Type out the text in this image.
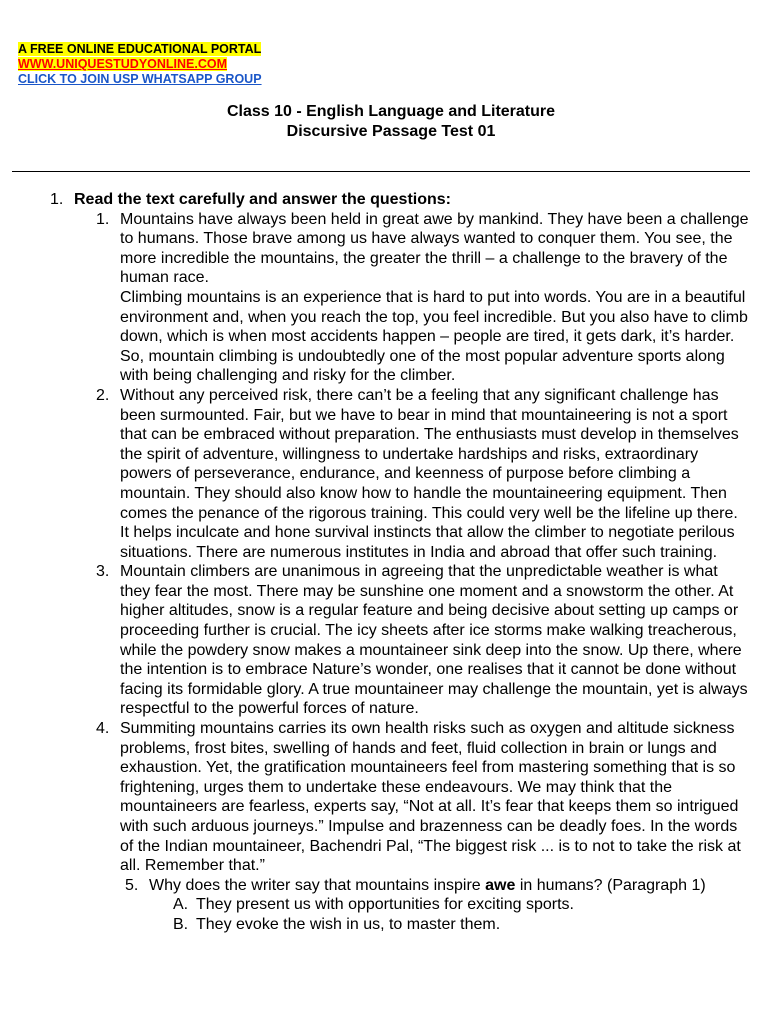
A FREE ONLINE EDUCATIONAL PORTAL
WWW.UNIQUESTUDYONLINE.COM
CLICK TO JOIN USP WHATSAPP GROUP
Class 10 - English Language and Literature
Discursive Passage Test 01
1. Read the text carefully and answer the questions:
1. Mountains have always been held in great awe by mankind. They have been a challenge to humans. Those brave among us have always wanted to conquer them. You see, the more incredible the mountains, the greater the thrill – a challenge to the bravery of the human race.

Climbing mountains is an experience that is hard to put into words. You are in a beautiful environment and, when you reach the top, you feel incredible. But you also have to climb down, which is when most accidents happen – people are tired, it gets dark, it’s harder. So, mountain climbing is undoubtedly one of the most popular adventure sports along with being challenging and risky for the climber.

2. Without any perceived risk, there can’t be a feeling that any significant challenge has been surmounted. Fair, but we have to bear in mind that mountaineering is not a sport that can be embraced without preparation. The enthusiasts must develop in themselves the spirit of adventure, willingness to undertake hardships and risks, extraordinary powers of perseverance, endurance, and keenness of purpose before climbing a mountain. They should also know how to handle the mountaineering equipment. Then comes the penance of the rigorous training. This could very well be the lifeline up there. It helps inculcate and hone survival instincts that allow the climber to negotiate perilous situations. There are numerous institutes in India and abroad that offer such training.

3. Mountain climbers are unanimous in agreeing that the unpredictable weather is what they fear the most. There may be sunshine one moment and a snowstorm the other. At higher altitudes, snow is a regular feature and being decisive about setting up camps or proceeding further is crucial. The icy sheets after ice storms make walking treacherous, while the powdery snow makes a mountaineer sink deep into the snow. Up there, where the intention is to embrace Nature’s wonder, one realises that it cannot be done without facing its formidable glory. A true mountaineer may challenge the mountain, yet is always respectful to the powerful forces of nature.

4. Summiting mountains carries its own health risks such as oxygen and altitude sickness problems, frost bites, swelling of hands and feet, fluid collection in brain or lungs and exhaustion. Yet, the gratification mountaineers feel from mastering something that is so frightening, urges them to undertake these endeavours. We may think that the mountaineers are fearless, experts say, “Not at all. It’s fear that keeps them so intrigued with such arduous journeys.” Impulse and brazenness can be deadly foes. In the words of the Indian mountaineer, Bachendri Pal, “The biggest risk ... is to not to take the risk at all. Remember that.”

5. Why does the writer say that mountains inspire awe in humans? (Paragraph 1)
A. They present us with opportunities for exciting sports.
B. They evoke the wish in us, to master them.
